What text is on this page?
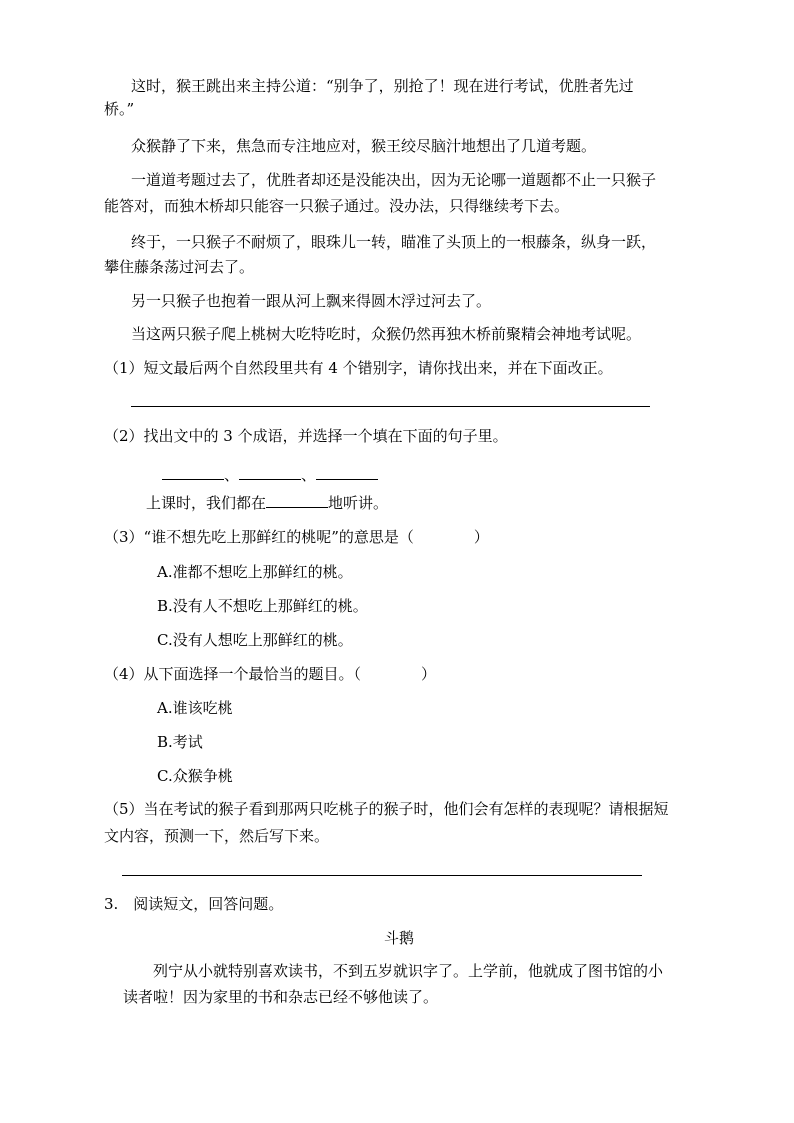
这时，猴王跳出来主持公道：“别争了，别抢了！现在进行考试，优胜者先过
桥。”
众猴静了下来，焦急而专注地应对，猴王绞尽脑汁地想出了几道考题。
一道道考题过去了，优胜者却还是没能决出，因为无论哪一道题都不止一只猴子
能答对，而独木桥却只能容一只猴子通过。没办法，只得继续考下去。
终于，一只猴子不耐烦了，眼珠儿一转，瞄准了头顶上的一根藤条，纵身一跃，
攀住藤条荡过河去了。
另一只猴子也抱着一跟从河上飘来得圆木浮过河去了。
当这两只猴子爬上桃树大吃特吃时，众猴仍然再独木桥前聚精会神地考试呢。
（1）短文最后两个自然段里共有 4 个错别字，请你找出来，并在下面改正。
（2）找出文中的 3 个成语，并选择一个填在下面的句子里。
、	、
上课时，我们都在	地听讲。
（3）“谁不想先吃上那鲜红的桃呢”的意思是（　　　　）
A.准都不想吃上那鲜红的桃。
B.没有人不想吃上那鲜红的桃。
C.没有人想吃上那鲜红的桃。
（4）从下面选择一个最恰当的题目。（　　　　）
A.谁该吃桃
B.考试
C.众猴争桃
（5）当在考试的猴子看到那两只吃桃子的猴子时，他们会有怎样的表现呢？请根据短
文内容，预测一下，然后写下来。
3.　阅读短文，回答问题。
斗鹅
列宁从小就特别喜欢读书，不到五岁就识字了。上学前，他就成了图书馆的小
读者啦！因为家里的书和杂志已经不够他读了。
